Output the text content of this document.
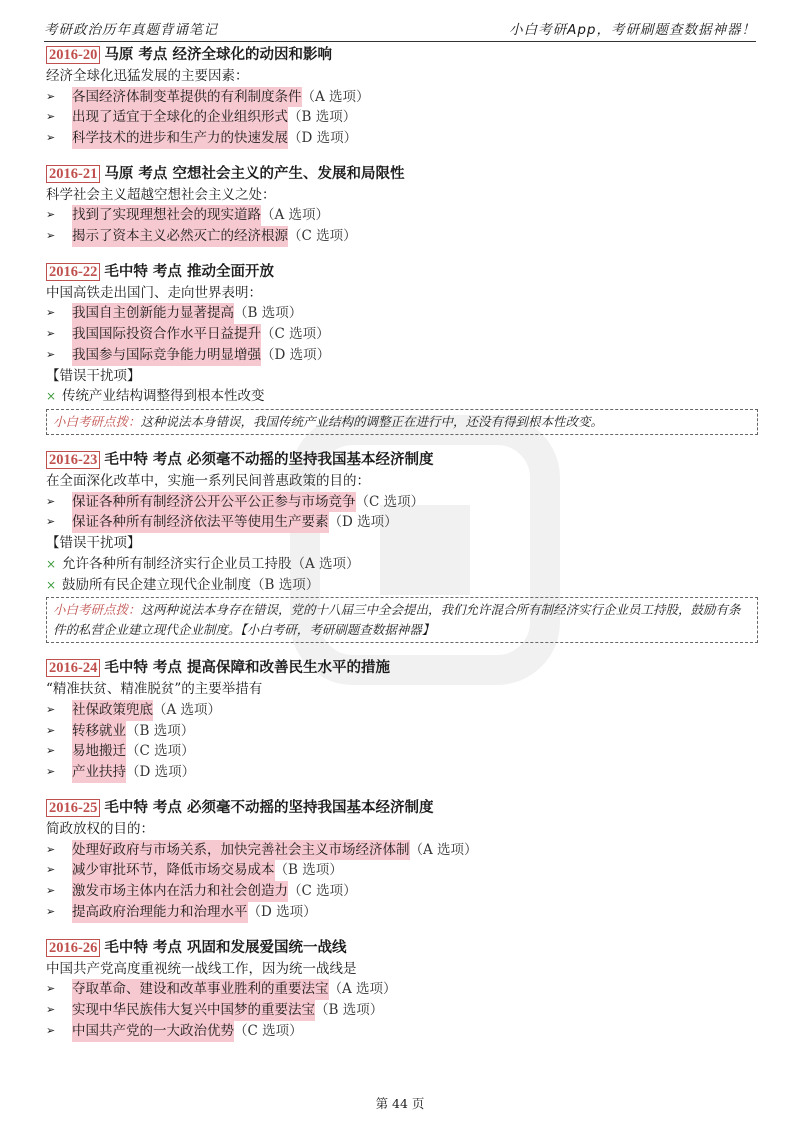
考研政治历年真题背诵笔记	小白考研App，考研刷题查数据神器！
2016-20 马原 考点 经济全球化的动因和影响
经济全球化迅猛发展的主要因素：
➢	各国经济体制变革提供的有利制度条件 （A 选项）
➢	出现了适宜于全球化的企业组织形式 （B 选项）
➢	科学技术的进步和生产力的快速发展 （D 选项）
2016-21 马原 考点 空想社会主义的产生、发展和局限性
科学社会主义超越空想社会主义之处：
➢	找到了实现理想社会的现实道路 （A 选项）
➢	揭示了资本主义必然灭亡的经济根源 （C 选项）
2016-22 毛中特 考点 推动全面开放
中国高铁走出国门、走向世界表明：
➢	我国自主创新能力显著提高 （B 选项）
➢	我国国际投资合作水平日益提升 （C 选项）
➢	我国参与国际竞争能力明显增强 （D 选项）
【错误干扰项】
× 传统产业结构调整得到根本性改变
小白考研点拨：这种说法本身错误，我国传统产业结构的调整正在进行中，还没有得到根本性改变。
2016-23 毛中特 考点 必须毫不动摇的坚持我国基本经济制度
在全面深化改革中，实施一系列民间普惠政策的目的：
➢	保证各种所有制经济公开公平公正参与市场竞争 （C 选项）
➢	保证各种所有制经济依法平等使用生产要素 （D 选项）
【错误干扰项】
× 允许各种所有制经济实行企业员工持股（A 选项）
× 鼓励所有民企建立现代企业制度（B 选项）
小白考研点拨：这两种说法本身存在错误，党的十八届三中全会提出，我们允许混合所有制经济实行企业员工持股，鼓励有条件的私营企业建立现代企业制度。【小白考研，考研刷题查数据神器】
2016-24 毛中特 考点 提高保障和改善民生水平的措施
“精准扶贫、精准脱贫”的主要举措有
➢	社保政策兜底 （A 选项）
➢	转移就业 （B 选项）
➢	易地搬迁 （C 选项）
➢	产业扶持 （D 选项）
2016-25 毛中特 考点 必须毫不动摇的坚持我国基本经济制度
简政放权的目的：
➢	处理好政府与市场关系，加快完善社会主义市场经济体制 （A 选项）
➢	减少审批环节，降低市场交易成本 （B 选项）
➢	激发市场主体内在活力和社会创造力 （C 选项）
➢	提高政府治理能力和治理水平 （D 选项）
2016-26 毛中特 考点 巩固和发展爱国统一战线
中国共产党高度重视统一战线工作，因为统一战线是
➢	夺取革命、建设和改革事业胜利的重要法宝 （A 选项）
➢	实现中华民族伟大复兴中国梦的重要法宝 （B 选项）
➢	中国共产党的一大政治优势 （C 选项）
第 44 页
